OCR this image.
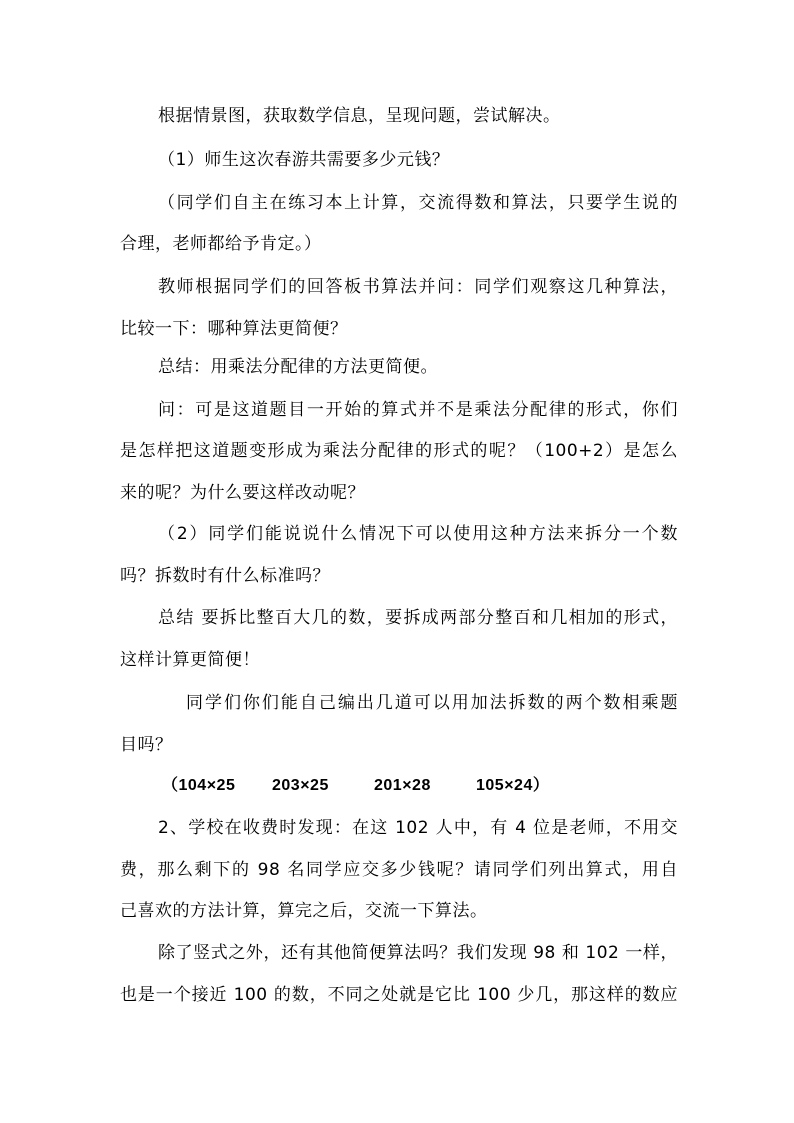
根据情景图，获取数学信息，呈现问题，尝试解决。
（1）师生这次春游共需要多少元钱？
（同学们自主在练习本上计算，交流得数和算法，只要学生说的
合理，老师都给予肯定。）
教师根据同学们的回答板书算法并问：同学们观察这几种算法，
比较一下：哪种算法更简便？
总结：用乘法分配律的方法更简便。
问：可是这道题目一开始的算式并不是乘法分配律的形式，你们
是怎样把这道题变形成为乘法分配律的形式的呢？（100+2）是怎么
来的呢？为什么要这样改动呢？
（2）同学们能说说什么情况下可以使用这种方法来拆分一个数
吗？拆数时有什么标准吗？
总结 要拆比整百大几的数，要拆成两部分整百和几相加的形式，
这样计算更简便！
同学们你们能自己编出几道可以用加法拆数的两个数相乘题
目吗？
（104×25 203×25	201×28	105×24）
2、学校在收费时发现：在这 102 人中，有 4 位是老师，不用交
费，那么剩下的 98 名同学应交多少钱呢？请同学们列出算式，用自
己喜欢的方法计算，算完之后，交流一下算法。
除了竖式之外，还有其他简便算法吗？我们发现 98 和 102 一样，
也是一个接近 100 的数，不同之处就是它比 100 少几，那这样的数应
